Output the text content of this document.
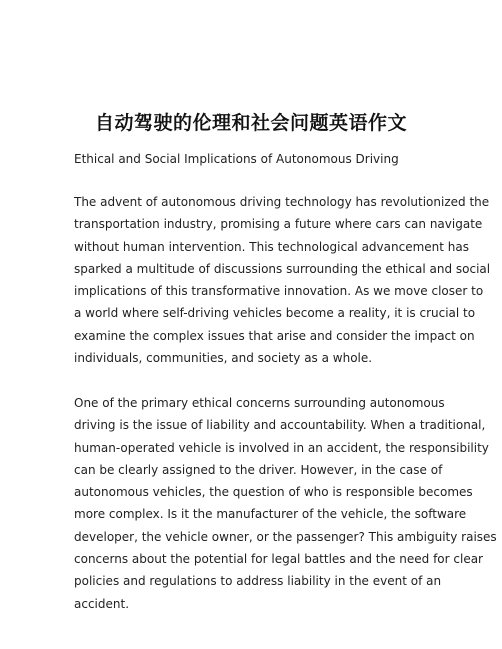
自动驾驶的伦理和社会问题英语作文
Ethical and Social Implications of Autonomous Driving

The advent of autonomous driving technology has revolutionized the
transportation industry, promising a future where cars can navigate
without human intervention. This technological advancement has
sparked a multitude of discussions surrounding the ethical and social
implications of this transformative innovation. As we move closer to
a world where self-driving vehicles become a reality, it is crucial to
examine the complex issues that arise and consider the impact on
individuals, communities, and society as a whole.

One of the primary ethical concerns surrounding autonomous
driving is the issue of liability and accountability. When a traditional,
human-operated vehicle is involved in an accident, the responsibility
can be clearly assigned to the driver. However, in the case of
autonomous vehicles, the question of who is responsible becomes
more complex. Is it the manufacturer of the vehicle, the software
developer, the vehicle owner, or the passenger? This ambiguity raises
concerns about the potential for legal battles and the need for clear
policies and regulations to address liability in the event of an
accident.
